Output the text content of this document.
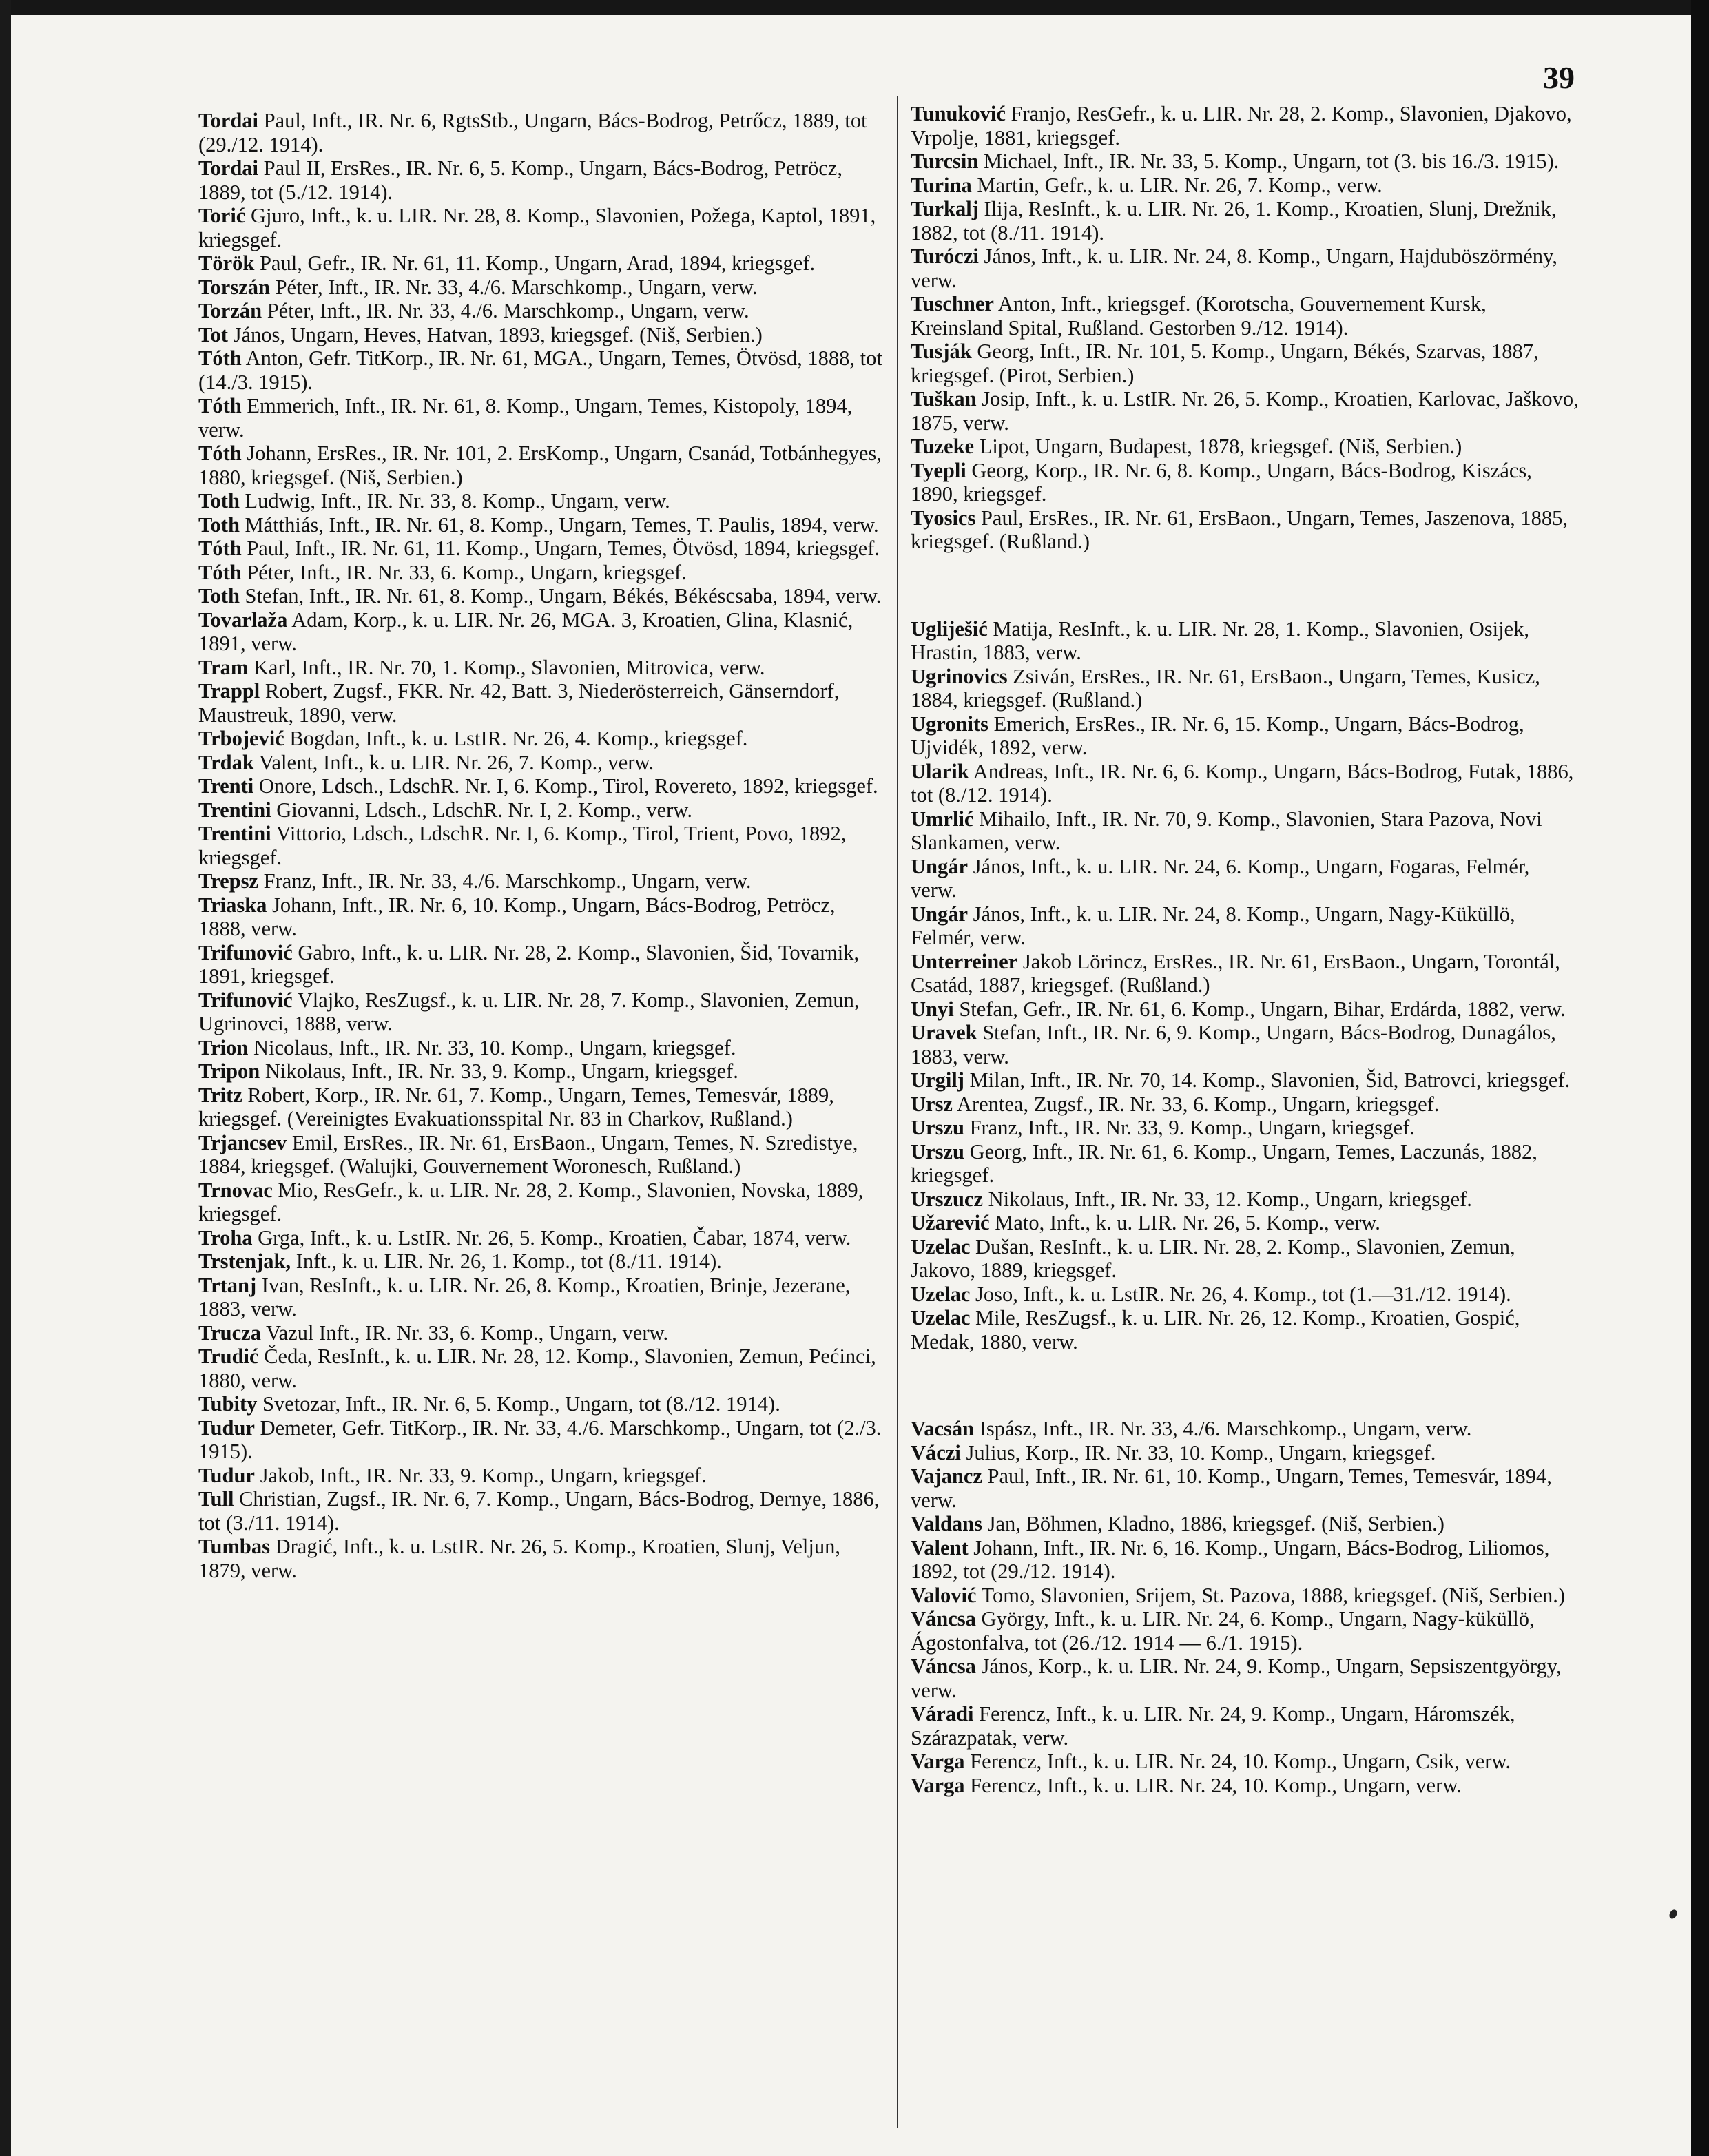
39

Tordai Paul, Inft., IR. Nr. 6, RgtsStb., Ungarn, Bács-Bodrog, Petrőcz, 1889, tot (29./12. 1914).

Tordai Paul II, ErsRes., IR. Nr. 6, 5. Komp., Ungarn, Bács-Bodrog, Petröcz, 1889, tot (5./12. 1914).

Torić Gjuro, Inft., k. u. LIR. Nr. 28, 8. Komp., Slavonien, Požega, Kaptol, 1891, kriegsgef.

Török Paul, Gefr., IR. Nr. 61, 11. Komp., Ungarn, Arad, 1894, kriegsgef.

Torszán Péter, Inft., IR. Nr. 33, 4./6. Marschkomp., Ungarn, verw.

Torzán Péter, Inft., IR. Nr. 33, 4./6. Marschkomp., Ungarn, verw.

Tot János, Ungarn, Heves, Hatvan, 1893, kriegsgef. (Niš, Serbien.)

Tóth Anton, Gefr. TitKorp., IR. Nr. 61, MGA., Ungarn, Temes, Ötvösd, 1888, tot (14./3. 1915).

Tóth Emmerich, Inft., IR. Nr. 61, 8. Komp., Ungarn, Temes, Kistopoly, 1894, verw.

Tóth Johann, ErsRes., IR. Nr. 101, 2. ErsKomp., Ungarn, Csanád, Totbánhegyes, 1880, kriegsgef. (Niš, Serbien.)

Toth Ludwig, Inft., IR. Nr. 33, 8. Komp., Ungarn, verw.

Toth Mátthiás, Inft., IR. Nr. 61, 8. Komp., Ungarn, Temes, T. Paulis, 1894, verw.

Tóth Paul, Inft., IR. Nr. 61, 11. Komp., Ungarn, Temes, Ötvösd, 1894, kriegsgef.

Tóth Péter, Inft., IR. Nr. 33, 6. Komp., Ungarn, kriegsgef.

Toth Stefan, Inft., IR. Nr. 61, 8. Komp., Ungarn, Békés, Békéscsaba, 1894, verw.

Tovarlaža Adam, Korp., k. u. LIR. Nr. 26, MGA. 3, Kroatien, Glina, Klasnić, 1891, verw.

Tram Karl, Inft., IR. Nr. 70, 1. Komp., Slavonien, Mitrovica, verw.

Trappl Robert, Zugsf., FKR. Nr. 42, Batt. 3, Niederösterreich, Gänserndorf, Maustreuk, 1890, verw.

Trbojević Bogdan, Inft., k. u. LstIR. Nr. 26, 4. Komp., kriegsgef.

Trdak Valent, Inft., k. u. LIR. Nr. 26, 7. Komp., verw.

Trenti Onore, Ldsch., LdschR. Nr. I, 6. Komp., Tirol, Rovereto, 1892, kriegsgef.

Trentini Giovanni, Ldsch., LdschR. Nr. I, 2. Komp., verw.

Trentini Vittorio, Ldsch., LdschR. Nr. I, 6. Komp., Tirol, Trient, Povo, 1892, kriegsgef.

Trepsz Franz, Inft., IR. Nr. 33, 4./6. Marschkomp., Ungarn, verw.

Triaska Johann, Inft., IR. Nr. 6, 10. Komp., Ungarn, Bács-Bodrog, Petröcz, 1888, verw.

Trifunović Gabro, Inft., k. u. LIR. Nr. 28, 2. Komp., Slavonien, Šid, Tovarnik, 1891, kriegsgef.

Trifunović Vlajko, ResZugsf., k. u. LIR. Nr. 28, 7. Komp., Slavonien, Zemun, Ugrinovci, 1888, verw.

Trion Nicolaus, Inft., IR. Nr. 33, 10. Komp., Ungarn, kriegsgef.

Tripon Nikolaus, Inft., IR. Nr. 33, 9. Komp., Ungarn, kriegsgef.

Tritz Robert, Korp., IR. Nr. 61, 7. Komp., Ungarn, Temes, Temesvár, 1889, kriegsgef. (Vereinigtes Evakuationsspital Nr. 83 in Charkov, Rußland.)

Trjancsev Emil, ErsRes., IR. Nr. 61, ErsBaon., Ungarn, Temes, N. Szredistye, 1884, kriegsgef. (Walujki, Gouvernement Woronesch, Rußland.)

Trnovac Mio, ResGefr., k. u. LIR. Nr. 28, 2. Komp., Slavonien, Novska, 1889, kriegsgef.

Troha Grga, Inft., k. u. LstIR. Nr. 26, 5. Komp., Kroatien, Čabar, 1874, verw.

Trstenjak, Inft., k. u. LIR. Nr. 26, 1. Komp., tot (8./11. 1914).

Trtanj Ivan, ResInft., k. u. LIR. Nr. 26, 8. Komp., Kroatien, Brinje, Jezerane, 1883, verw.

Trucza Vazul Inft., IR. Nr. 33, 6. Komp., Ungarn, verw.

Trudić Čeda, ResInft., k. u. LIR. Nr. 28, 12. Komp., Slavonien, Zemun, Pećinci, 1880, verw.

Tubity Svetozar, Inft., IR. Nr. 6, 5. Komp., Ungarn, tot (8./12. 1914).

Tudur Demeter, Gefr. TitKorp., IR. Nr. 33, 4./6. Marschkomp., Ungarn, tot (2./3. 1915).

Tudur Jakob, Inft., IR. Nr. 33, 9. Komp., Ungarn, kriegsgef.

Tull Christian, Zugsf., IR. Nr. 6, 7. Komp., Ungarn, Bács-Bodrog, Dernye, 1886, tot (3./11. 1914).

Tumbas Dragić, Inft., k. u. LstIR. Nr. 26, 5. Komp., Kroatien, Slunj, Veljun, 1879, verw.

Tunuković Franjo, ResGefr., k. u. LIR. Nr. 28, 2. Komp., Slavonien, Djakovo, Vrpolje, 1881, kriegsgef.

Turcsin Michael, Inft., IR. Nr. 33, 5. Komp., Ungarn, tot (3. bis 16./3. 1915).

Turina Martin, Gefr., k. u. LIR. Nr. 26, 7. Komp., verw.

Turkalj Ilija, ResInft., k. u. LIR. Nr. 26, 1. Komp., Kroatien, Slunj, Drežnik, 1882, tot (8./11. 1914).

Turóczi János, Inft., k. u. LIR. Nr. 24, 8. Komp., Ungarn, Hajduböszörmény, verw.

Tuschner Anton, Inft., kriegsgef. (Korotscha, Gouvernement Kursk, Kreinsland Spital, Rußland. Gestorben 9./12. 1914).

Tusják Georg, Inft., IR. Nr. 101, 5. Komp., Ungarn, Békés, Szarvas, 1887, kriegsgef. (Pirot, Serbien.)

Tuškan Josip, Inft., k. u. LstIR. Nr. 26, 5. Komp., Kroatien, Karlovac, Jaškovo, 1875, verw.

Tuzeke Lipot, Ungarn, Budapest, 1878, kriegsgef. (Niš, Serbien.)

Tyepli Georg, Korp., IR. Nr. 6, 8. Komp., Ungarn, Bács-Bodrog, Kiszács, 1890, kriegsgef.

Tyosics Paul, ErsRes., IR. Nr. 61, ErsBaon., Ungarn, Temes, Jaszenova, 1885, kriegsgef. (Rußland.)

Ugliješić Matija, ResInft., k. u. LIR. Nr. 28, 1. Komp., Slavonien, Osijek, Hrastin, 1883, verw.

Ugrinovics Zsiván, ErsRes., IR. Nr. 61, ErsBaon., Ungarn, Temes, Kusicz, 1884, kriegsgef. (Rußland.)

Ugronits Emerich, ErsRes., IR. Nr. 6, 15. Komp., Ungarn, Bács-Bodrog, Ujvidék, 1892, verw.

Ularik Andreas, Inft., IR. Nr. 6, 6. Komp., Ungarn, Bács-Bodrog, Futak, 1886, tot (8./12. 1914).

Umrlić Mihailo, Inft., IR. Nr. 70, 9. Komp., Slavonien, Stara Pazova, Novi Slankamen, verw.

Ungár János, Inft., k. u. LIR. Nr. 24, 6. Komp., Ungarn, Fogaras, Felmér, verw.

Ungár János, Inft., k. u. LIR. Nr. 24, 8. Komp., Ungarn, Nagy-Küküllö, Felmér, verw.

Unterreiner Jakob Lörincz, ErsRes., IR. Nr. 61, ErsBaon., Ungarn, Torontál, Csatád, 1887, kriegsgef. (Rußland.)

Unyi Stefan, Gefr., IR. Nr. 61, 6. Komp., Ungarn, Bihar, Erdárda, 1882, verw.

Uravek Stefan, Inft., IR. Nr. 6, 9. Komp., Ungarn, Bács-Bodrog, Dunagálos, 1883, verw.

Urgilj Milan, Inft., IR. Nr. 70, 14. Komp., Slavonien, Šid, Batrovci, kriegsgef.

Ursz Arentea, Zugsf., IR. Nr. 33, 6. Komp., Ungarn, kriegsgef.

Urszu Franz, Inft., IR. Nr. 33, 9. Komp., Ungarn, kriegsgef.

Urszu Georg, Inft., IR. Nr. 61, 6. Komp., Ungarn, Temes, Laczunás, 1882, kriegsgef.

Urszucz Nikolaus, Inft., IR. Nr. 33, 12. Komp., Ungarn, kriegsgef.

Užarević Mato, Inft., k. u. LIR. Nr. 26, 5. Komp., verw.

Uzelac Dušan, ResInft., k. u. LIR. Nr. 28, 2. Komp., Slavonien, Zemun, Jakovo, 1889, kriegsgef.

Uzelac Joso, Inft., k. u. LstIR. Nr. 26, 4. Komp., tot (1.—31./12. 1914).

Uzelac Mile, ResZugsf., k. u. LIR. Nr. 26, 12. Komp., Kroatien, Gospić, Medak, 1880, verw.

Vacsán Ispász, Inft., IR. Nr. 33, 4./6. Marschkomp., Ungarn, verw.

Váczi Julius, Korp., IR. Nr. 33, 10. Komp., Ungarn, kriegsgef.

Vajancz Paul, Inft., IR. Nr. 61, 10. Komp., Ungarn, Temes, Temesvár, 1894, verw.

Valdans Jan, Böhmen, Kladno, 1886, kriegsgef. (Niš, Serbien.)

Valent Johann, Inft., IR. Nr. 6, 16. Komp., Ungarn, Bács-Bodrog, Liliomos, 1892, tot (29./12. 1914).

Valović Tomo, Slavonien, Srijem, St. Pazova, 1888, kriegsgef. (Niš, Serbien.)

Váncsa György, Inft., k. u. LIR. Nr. 24, 6. Komp., Ungarn, Nagy-küküllö, Ágostonfalva, tot (26./12. 1914 — 6./1. 1915).

Váncsa János, Korp., k. u. LIR. Nr. 24, 9. Komp., Ungarn, Sepsiszentgyörgy, verw.

Váradi Ferencz, Inft., k. u. LIR. Nr. 24, 9. Komp., Ungarn, Háromszék, Szárazpatak, verw.

Varga Ferencz, Inft., k. u. LIR. Nr. 24, 10. Komp., Ungarn, Csik, verw.

Varga Ferencz, Inft., k. u. LIR. Nr. 24, 10. Komp., Ungarn, verw.
